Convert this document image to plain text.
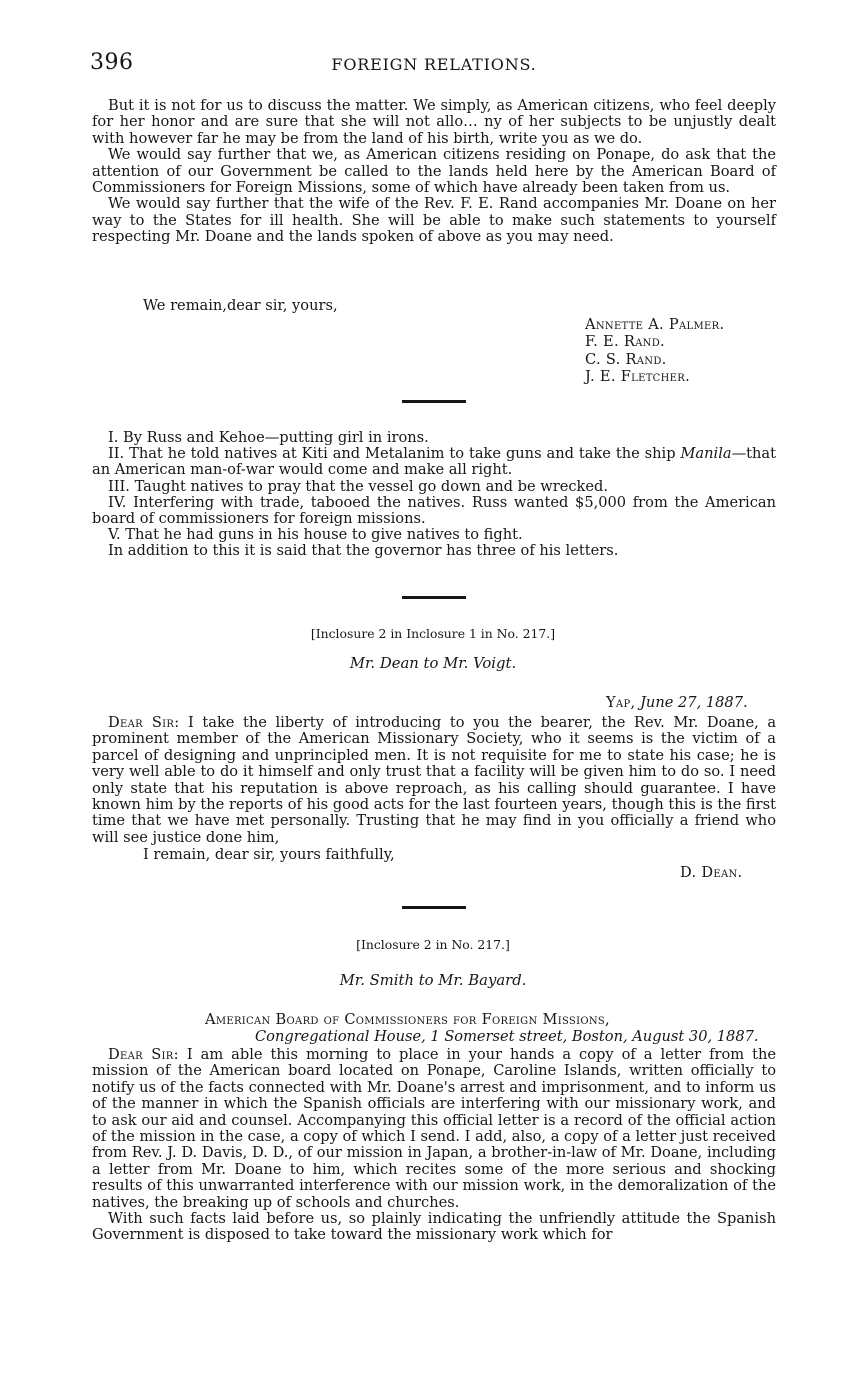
396	FOREIGN RELATIONS.

But it is not for us to discuss the matter. We simply, as American citizens, who feel deeply for her honor and are sure that she will not allo… ny of her subjects to be unjustly dealt with however far he may be from the land of his birth, write you as we do.

We would say further that we, as American citizens residing on Ponape, do ask that the attention of our Government be called to the lands held here by the American Board of Commissioners for Foreign Missions, some of which have already been taken from us.

We would say further that the wife of the Rev. F. E. Rand accompanies Mr. Doane on her way to the States for ill health. She will be able to make such statements to yourself respecting Mr. Doane and the lands spoken of above as you may need.

We remain,dear sir, yours,
Annette A. Palmer.
F. E. Rand.
C. S. Rand.
J. E. Fletcher.

I. By Russ and Kehoe—putting girl in irons.

II. That he told natives at Kiti and Metalanim to take guns and take the ship Manila—that an American man-of-war would come and make all right.

III. Taught natives to pray that the vessel go down and be wrecked.

IV. Interfering with trade, tabooed the natives. Russ wanted $5,000 from the American board of commissioners for foreign missions.

V. That he had guns in his house to give natives to fight.

In addition to this it is said that the governor has three of his letters.

[Inclosure 2 in Inclosure 1 in No. 217.]
Mr. Dean to Mr. Voigt.
Yap, June 27, 1887.

Dear Sir: I take the liberty of introducing to you the bearer, the Rev. Mr. Doane, a prominent member of the American Missionary Society, who it seems is the victim of a parcel of designing and unprincipled men. It is not requisite for me to state his case; he is very well able to do it himself and only trust that a facility will be given him to do so. I need only state that his reputation is above reproach, as his calling should guarantee. I have known him by the reports of his good acts for the last fourteen years, though this is the first time that we have met personally. Trusting that he may find in you officially a friend who will see justice done him,

I remain, dear sir, yours faithfully,
D. Dean.
[Inclosure 2 in No. 217.]
Mr. Smith to Mr. Bayard.
American Board of Commissioners for Foreign Missions,
Congregational House, 1 Somerset street, Boston, August 30, 1887.

Dear Sir: I am able this morning to place in your hands a copy of a letter from the mission of the American board located on Ponape, Caroline Islands, written officially to notify us of the facts connected with Mr. Doane's arrest and imprisonment, and to inform us of the manner in which the Spanish officials are interfering with our missionary work, and to ask our aid and counsel. Accompanying this official letter is a record of the official action of the mission in the case, a copy of which I send. I add, also, a copy of a letter just received from Rev. J. D. Davis, D. D., of our mission in Japan, a brother-in-law of Mr. Doane, including a letter from Mr. Doane to him, which recites some of the more serious and shocking results of this unwarranted interference with our mission work, in the demoralization of the natives, the breaking up of schools and churches.

With such facts laid before us, so plainly indicating the unfriendly attitude the Spanish Government is disposed to take toward the missionary work which for
